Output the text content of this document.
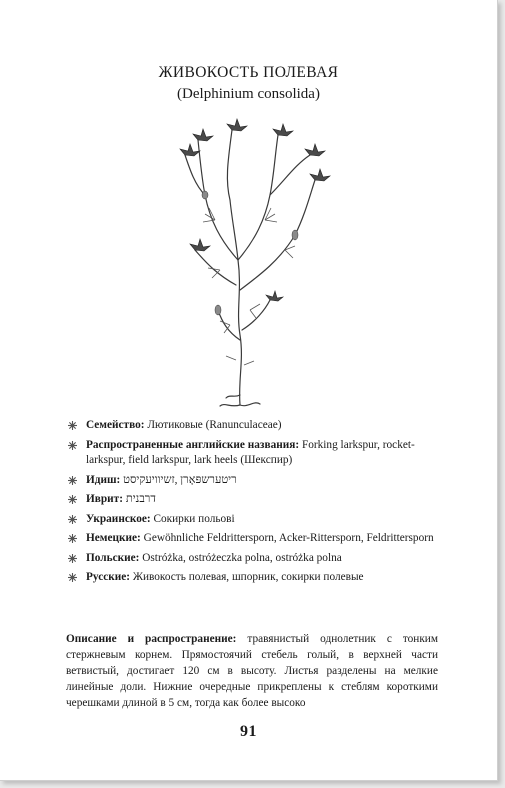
ЖИВОКОСТЬ ПОЛЕВАЯ
(Delphinium consolida)
Семейство: Лютиковые (Ranunculaceae)
Распространенные английские названия: Forking larkspur, rocket-larkspur, field larkspur, lark heels (Шекспир)
Идиш: ריטערשפּאָרן ,זשיוויעקיסט
Иврит: דרבנית
Украинское: Сокирки польові
Немецкие: Gewöhnliche Feldrittersporn, Acker-Rittersporn, Feldrittersporn
Польские: Ostróżka, ostróżeczka polna, ostróżka polna
Русские: Живокость полевая, шпорник, сокирки полевые

Описание и распространение: травянистый однолетник с тонким стержневым корнем. Прямостоячий стебель голый, в верхней части ветвистый, достигает 120 см в высоту. Листья разделены на мелкие линейные доли. Нижние очередные прикреплены к стеблям короткими черешками длиной в 5 см, тогда как более высоко

91
